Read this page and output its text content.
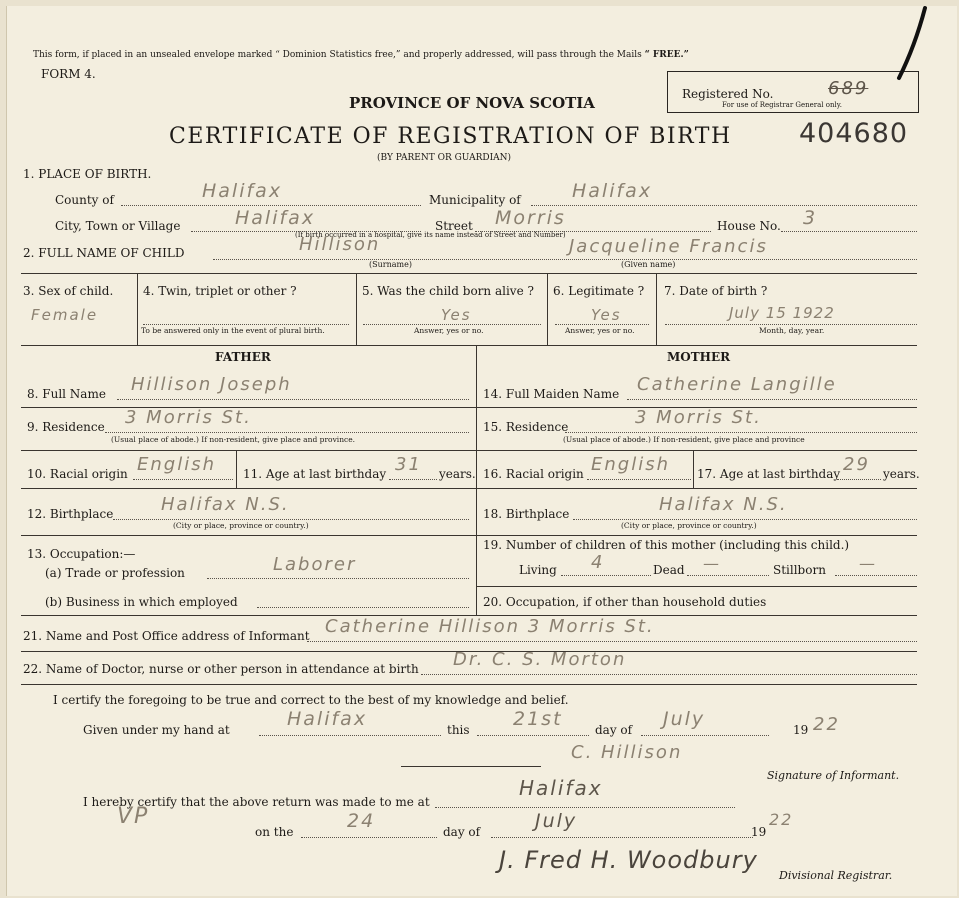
This form, if placed in an unsealed envelope marked “ Dominion Statistics free,” and properly addressed, will pass through the Mails “ FREE.”
FORM 4.
PROVINCE OF NOVA SCOTIA
CERTIFICATE OF REGISTRATION OF BIRTH
(BY PARENT OR GUARDIAN)
Registered No.	689
For use of Registrar General only.
404680
1. PLACE OF BIRTH.
County of	Halifax	Municipality of	Halifax
City, Town or Village	Halifax	Street Morris	House No. 3
(If birth occurred in a hospital, give its name instead of Street and Number)
2. FULL NAME OF CHILD	Hillison	Jacqueline Francis
(Surname)	(Given name)
3. Sex of child.
Female
4. Twin, triplet or other ?
To be answered only in the event of plural birth.
5. Was the child born alive ?
Yes
Answer, yes or no.
6. Legitimate ?
Yes
Answer, yes or no.
7. Date of birth ?
July 15 1922
Month, day, year.
FATHER
8. Full Name Hillison Joseph
9. Residence 3 Morris St.
(Usual place of abode.) If non-resident, give place and province.
10. Racial origin English 11. Age at last birthday 31 years.
12. Birthplace	Halifax N.S.
(City or place, province or country.)
13. Occupation:—
(a) Trade or profession	Laborer
(b) Business in which employed
MOTHER
14. Full Maiden Name Catherine Langille
15. Residence	3 Morris St.
(Usual place of abode.) If non-resident, give place and province
16. Racial origin English 17. Age at last birthday 29 years.
18. Birthplace	Halifax N.S.
(City or place, province or country.)
19. Number of children of this mother (including this child.)
Living 4	Dead —	Stillborn —
20. Occupation, if other than household duties
21. Name and Post Office address of Informant Catherine Hillison 3 Morris St.
22. Name of Doctor, nurse or other person in attendance at birth Dr. C. S. Morton
I certify the foregoing to be true and correct to the best of my knowledge and belief.
Given under my hand at	Halifax	this 21st	day of July	19 22
C. Hillison
Signature of Informant.
I hereby certify that the above return was made to me at
Halifax
VP
on the	24	day of	July	19
22
J. Fred H. Woodbury
Divisional Registrar.
